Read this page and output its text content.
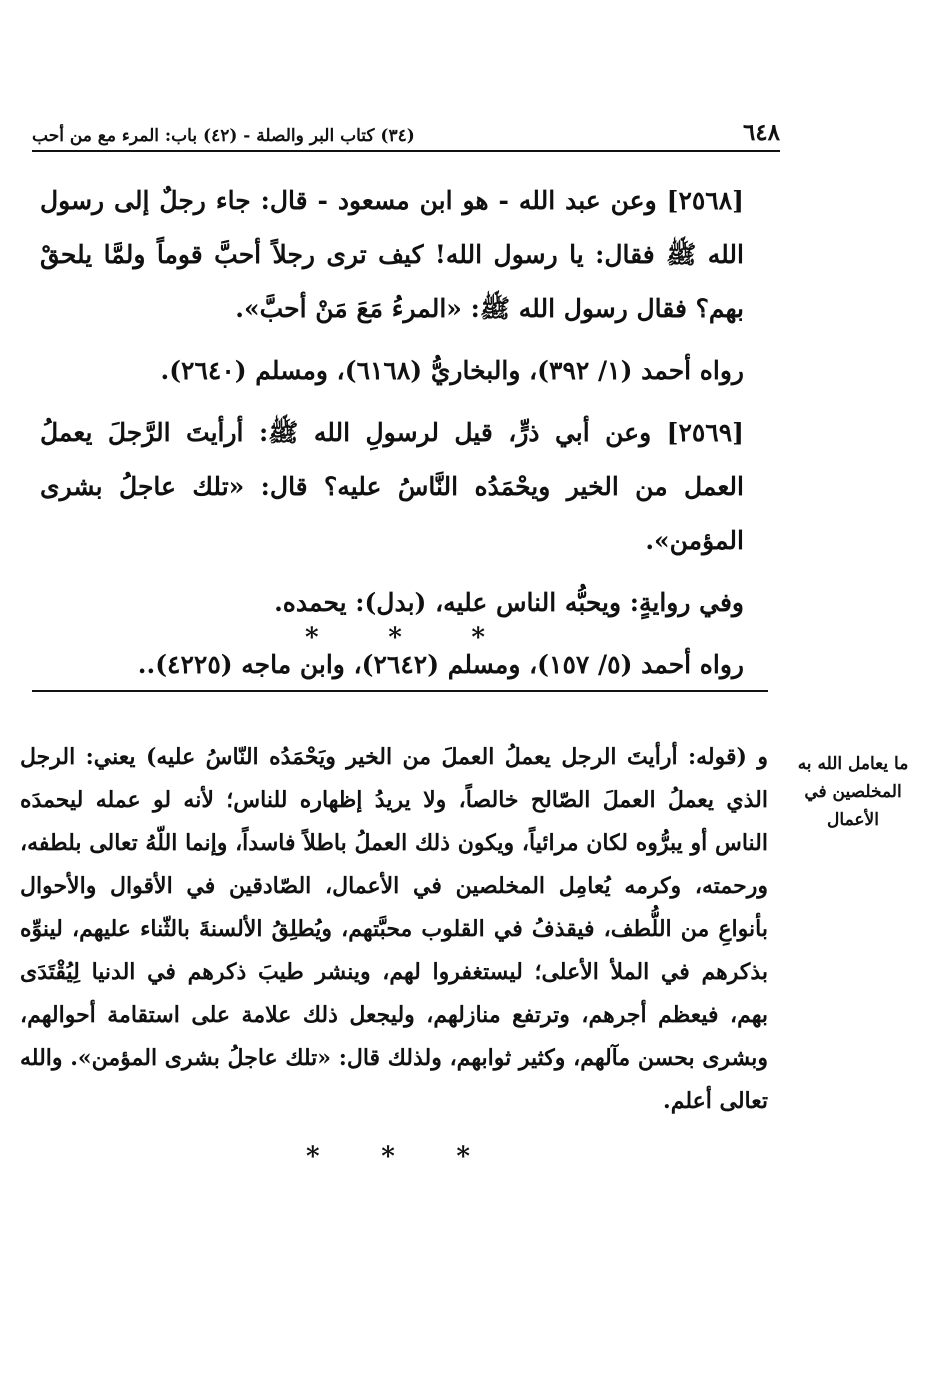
٦٤٨
(٣٤) كتاب البر والصلة - (٤٢) باب: المرء مع من أحب

[٢٥٦٨] وعن عبد الله - هو ابن مسعود - قال: جاء رجلٌ إلى رسول الله ﷺ فقال: يا رسول الله! كيف ترى رجلاً أحبَّ قوماً ولمَّا يلحقْ بهم؟ فقال رسول الله ﷺ: «المرءُ مَعَ مَنْ أحبَّ».

رواه أحمد (١/ ٣٩٢)، والبخاريُّ (٦١٦٨)، ومسلم (٢٦٤٠).

[٢٥٦٩] وعن أبي ذرٍّ، قيل لرسولِ الله ﷺ: أرأيتَ الرَّجلَ يعملُ العمل من الخير ويحْمَدُه النَّاسُ عليه؟ قال: «تلك عاجلُ بشرى المؤمن».

وفي روايةٍ: ويحبُّه الناس عليه، (بدل): يحمده.

رواه أحمد (٥/ ١٥٧)، ومسلم (٢٦٤٢)، وابن ماجه (٤٢٢٥)..

*	*	*
ما يعامل الله به المخلصين في الأعمال

و (قوله: أرأيتَ الرجل يعملُ العملَ من الخير ويَحْمَدُه النّاسُ عليه) يعني: الرجل الذي يعملُ العملَ الصّالح خالصاً، ولا يريدُ إظهاره للناس؛ لأنه لو عمله ليحمدَه الناس أو يبرُّوه لكان مرائياً، ويكون ذلك العملُ باطلاً فاسداً، وإنما اللّهُ تعالى بلطفه، ورحمته، وكرمه يُعامِل المخلصين في الأعمال، الصّادقين في الأقوال والأحوال بأنواعِ من اللُّطف، فيقذفُ في القلوب محبَّتهم، ويُطلِقُ الألسنةَ بالثّناء عليهم، لينوِّه بذكرهم في الملأ الأعلى؛ ليستغفروا لهم، وينشر طيبَ ذكرهم في الدنيا لِيُقْتَدَى بهم، فيعظم أجرهم، وترتفع منازلهم، وليجعل ذلك علامة على استقامة أحوالهم، وبشرى بحسن مآلهم، وكثير ثوابهم، ولذلك قال: «تلك عاجلُ بشرى المؤمن». والله تعالى أعلم.

* * *
